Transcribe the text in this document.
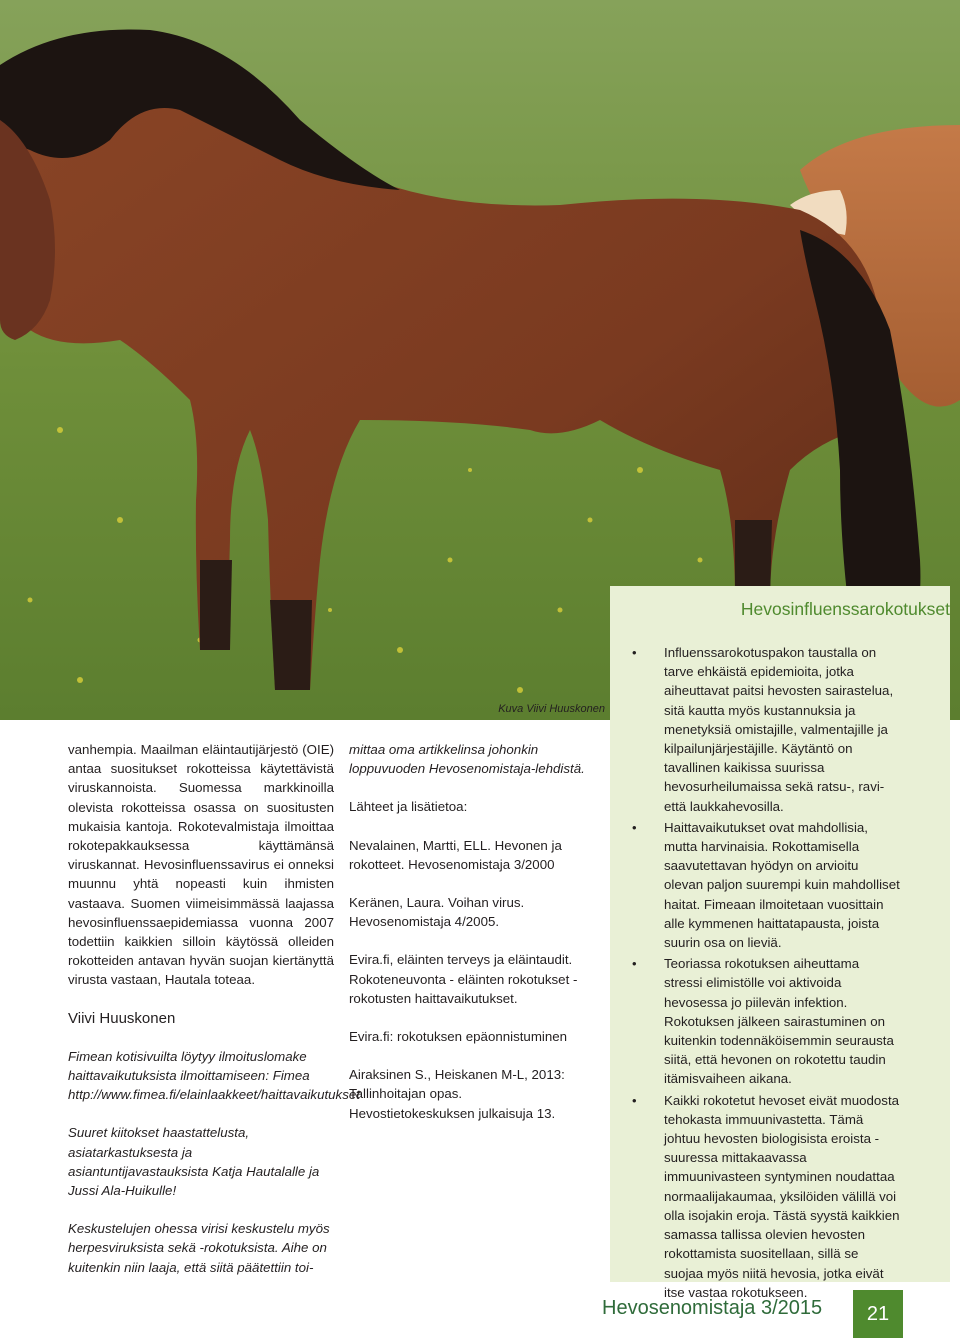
Hevosinfluenssarokotukset
Kuva Viivi Huuskonen

vanhempia. Maailman eläintautijärjestö (OIE) antaa suositukset rokotteissa käytettävistä viruskannoista. Suomessa markkinoilla olevista rokotteissa osassa on suositusten mukaisia kantoja. Rokotevalmistaja ilmoittaa rokotepakkauksessa käyttämänsä viruskannat. Hevosinfluenssavirus ei onneksi muunnu yhtä nopeasti kuin ihmisten vastaava. Suomen viimeisimmässä laajassa hevosinfluenssaepidemiassa vuonna 2007 todettiin kaikkien silloin käytössä olleiden rokotteiden antavan hyvän suojan kiertänyttä virusta vastaan, Hautala toteaa.

Viivi Huuskonen

Fimean kotisivuilta löytyy ilmoituslomake haittavaikutuksista ilmoittamiseen: Fimea http://www.fimea.fi/elainlaakkeet/haittavaikutukset

Suuret kiitokset haastattelusta, asiatarkastuksesta ja asiantuntijavastauksista Katja Hautalalle ja Jussi Ala-Huikulle!

Keskustelujen ohessa virisi keskustelu myös herpesviruksista sekä -rokotuksista. Aihe on kuitenkin niin laaja, että siitä päätettiin toi-

mittaa oma artikkelinsa johonkin loppuvuoden Hevosenomistaja-lehdistä.

Lähteet ja lisätietoa:

Nevalainen, Martti, ELL. Hevonen ja rokotteet. Hevosenomistaja 3/2000

Keränen, Laura. Voihan virus. Hevosenomistaja 4/2005.

Evira.fi, eläinten terveys ja eläintaudit. Rokoteneuvonta - eläinten rokotukset - rokotusten haittavaikutukset.

Evira.fi: rokotuksen epäonnistuminen

Airaksinen S., Heiskanen M-L, 2013: Tallinhoitajan opas. Hevostietokeskuksen julkaisuja 13.

• Influenssarokotuspakon taustalla on tarve ehkäistä epidemioita, jotka aiheuttavat paitsi hevosten sairastelua, sitä kautta myös kustannuksia ja menetyksiä omistajille, valmentajille ja kilpailunjärjestäjille. Käytäntö on tavallinen kaikissa suurissa hevosurheilumaissa sekä ratsu-, ravi- että laukkahevosilla.
• Haittavaikutukset ovat mahdollisia, mutta harvinaisia. Rokottamisella saavutettavan hyödyn on arvioitu olevan paljon suurempi kuin mahdolliset haitat. Fimeaan ilmoitetaan vuosittain alle kymmenen haittatapausta, joista suurin osa on lieviä.
• Teoriassa rokotuksen aiheuttama stressi elimistölle voi aktivoida hevosessa jo piilevän infektion. Rokotuksen jälkeen sairastuminen on kuitenkin todennäköisemmin seurausta siitä, että hevonen on rokotettu taudin itämisvaiheen aikana.
• Kaikki rokotetut hevoset eivät muodosta tehokasta immuunivastetta. Tämä johtuu hevosten biologisista eroista - suuressa mittakaavassa immuunivasteen syntyminen noudattaa normaalijakaumaa, yksilöiden välillä voi olla isojakin eroja. Tästä syystä kaikkien samassa tallissa olevien hevosten rokottamista suositellaan, sillä se suojaa myös niitä hevosia, jotka eivät itse vastaa rokotukseen.
Hevosenomistaja 3/2015	21
